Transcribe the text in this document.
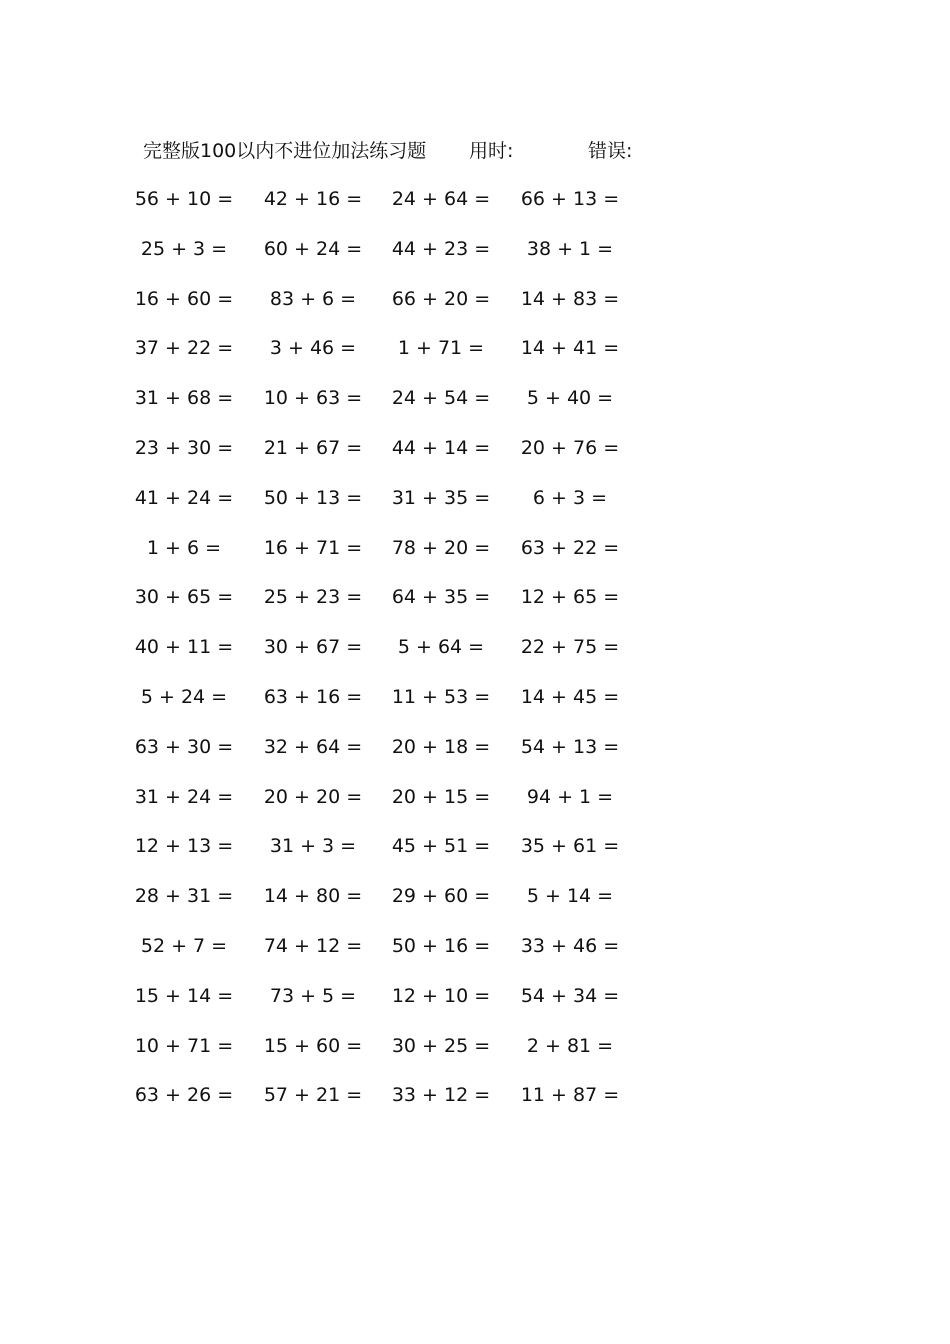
完整版100以内不进位加法练习题 用时:	错误:
56 + 10 =	42 + 16 =	24 + 64 =	66 + 13 =
25 + 3 =	60 + 24 =	44 + 23 =	38 + 1 =
16 + 60 =	83 + 6 =	66 + 20 =	14 + 83 =
37 + 22 =	3 + 46 =	1 + 71 =	14 + 41 =
31 + 68 =	10 + 63 =	24 + 54 =	5 + 40 =
23 + 30 =	21 + 67 =	44 + 14 =	20 + 76 =
41 + 24 =	50 + 13 =	31 + 35 =	6 + 3 =
1 + 6 =	16 + 71 =	78 + 20 =	63 + 22 =
30 + 65 =	25 + 23 =	64 + 35 =	12 + 65 =
40 + 11 =	30 + 67 =	5 + 64 =	22 + 75 =
5 + 24 =	63 + 16 =	11 + 53 =	14 + 45 =
63 + 30 =	32 + 64 =	20 + 18 =	54 + 13 =
31 + 24 =	20 + 20 =	20 + 15 =	94 + 1 =
12 + 13 =	31 + 3 =	45 + 51 =	35 + 61 =
28 + 31 =	14 + 80 =	29 + 60 =	5 + 14 =
52 + 7 =	74 + 12 =	50 + 16 =	33 + 46 =
15 + 14 =	73 + 5 =	12 + 10 =	54 + 34 =
10 + 71 =	15 + 60 =	30 + 25 =	2 + 81 =
63 + 26 =	57 + 21 =	33 + 12 =	11 + 87 =
